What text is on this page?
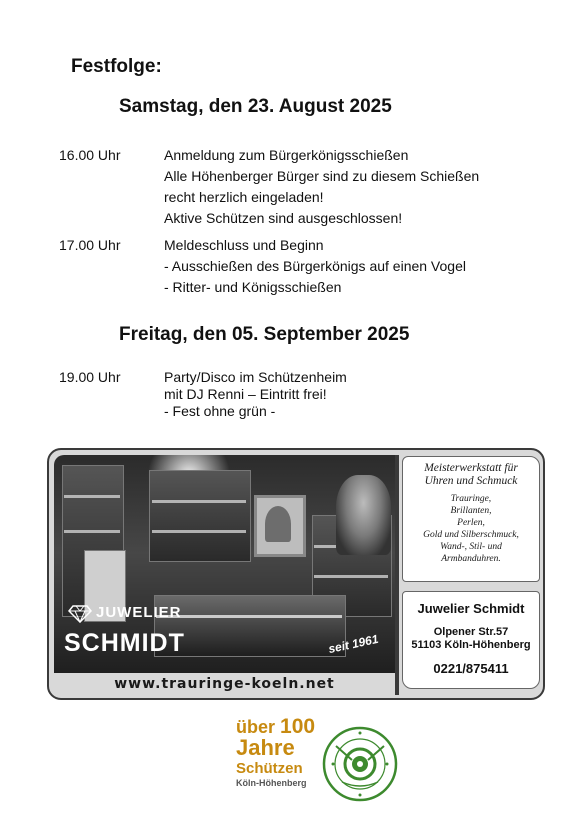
Festfolge:
Samstag, den 23. August 2025
16.00 Uhr	Anmeldung zum Bürgerkönigsschießen
Alle Höhenberger Bürger sind zu diesem Schießen
recht herzlich eingeladen!
Aktive Schützen sind ausgeschlossen!
17.00 Uhr	Meldeschluss und Beginn
- Ausschießen des Bürgerkönigs auf einen Vogel
- Ritter- und Königsschießen
Freitag, den 05. September 2025
19.00 Uhr	Party/Disco im Schützenheim
mit DJ Renni – Eintritt frei!
- Fest ohne grün -
JUWELIER
SCHMIDT	seit 1961
www.trauringe-koeln.net
Meisterwerkstatt für
Uhren und Schmuck
Trauringe,
Brillanten,
Perlen,
Gold und Silberschmuck,
Wand-, Stil- und
Armbanduhren.
Juwelier Schmidt
Olpener Str.57
51103 Köln-Höhenberg
0221/875411
über 100
Jahre
Schützen
Köln-Höhenberg
